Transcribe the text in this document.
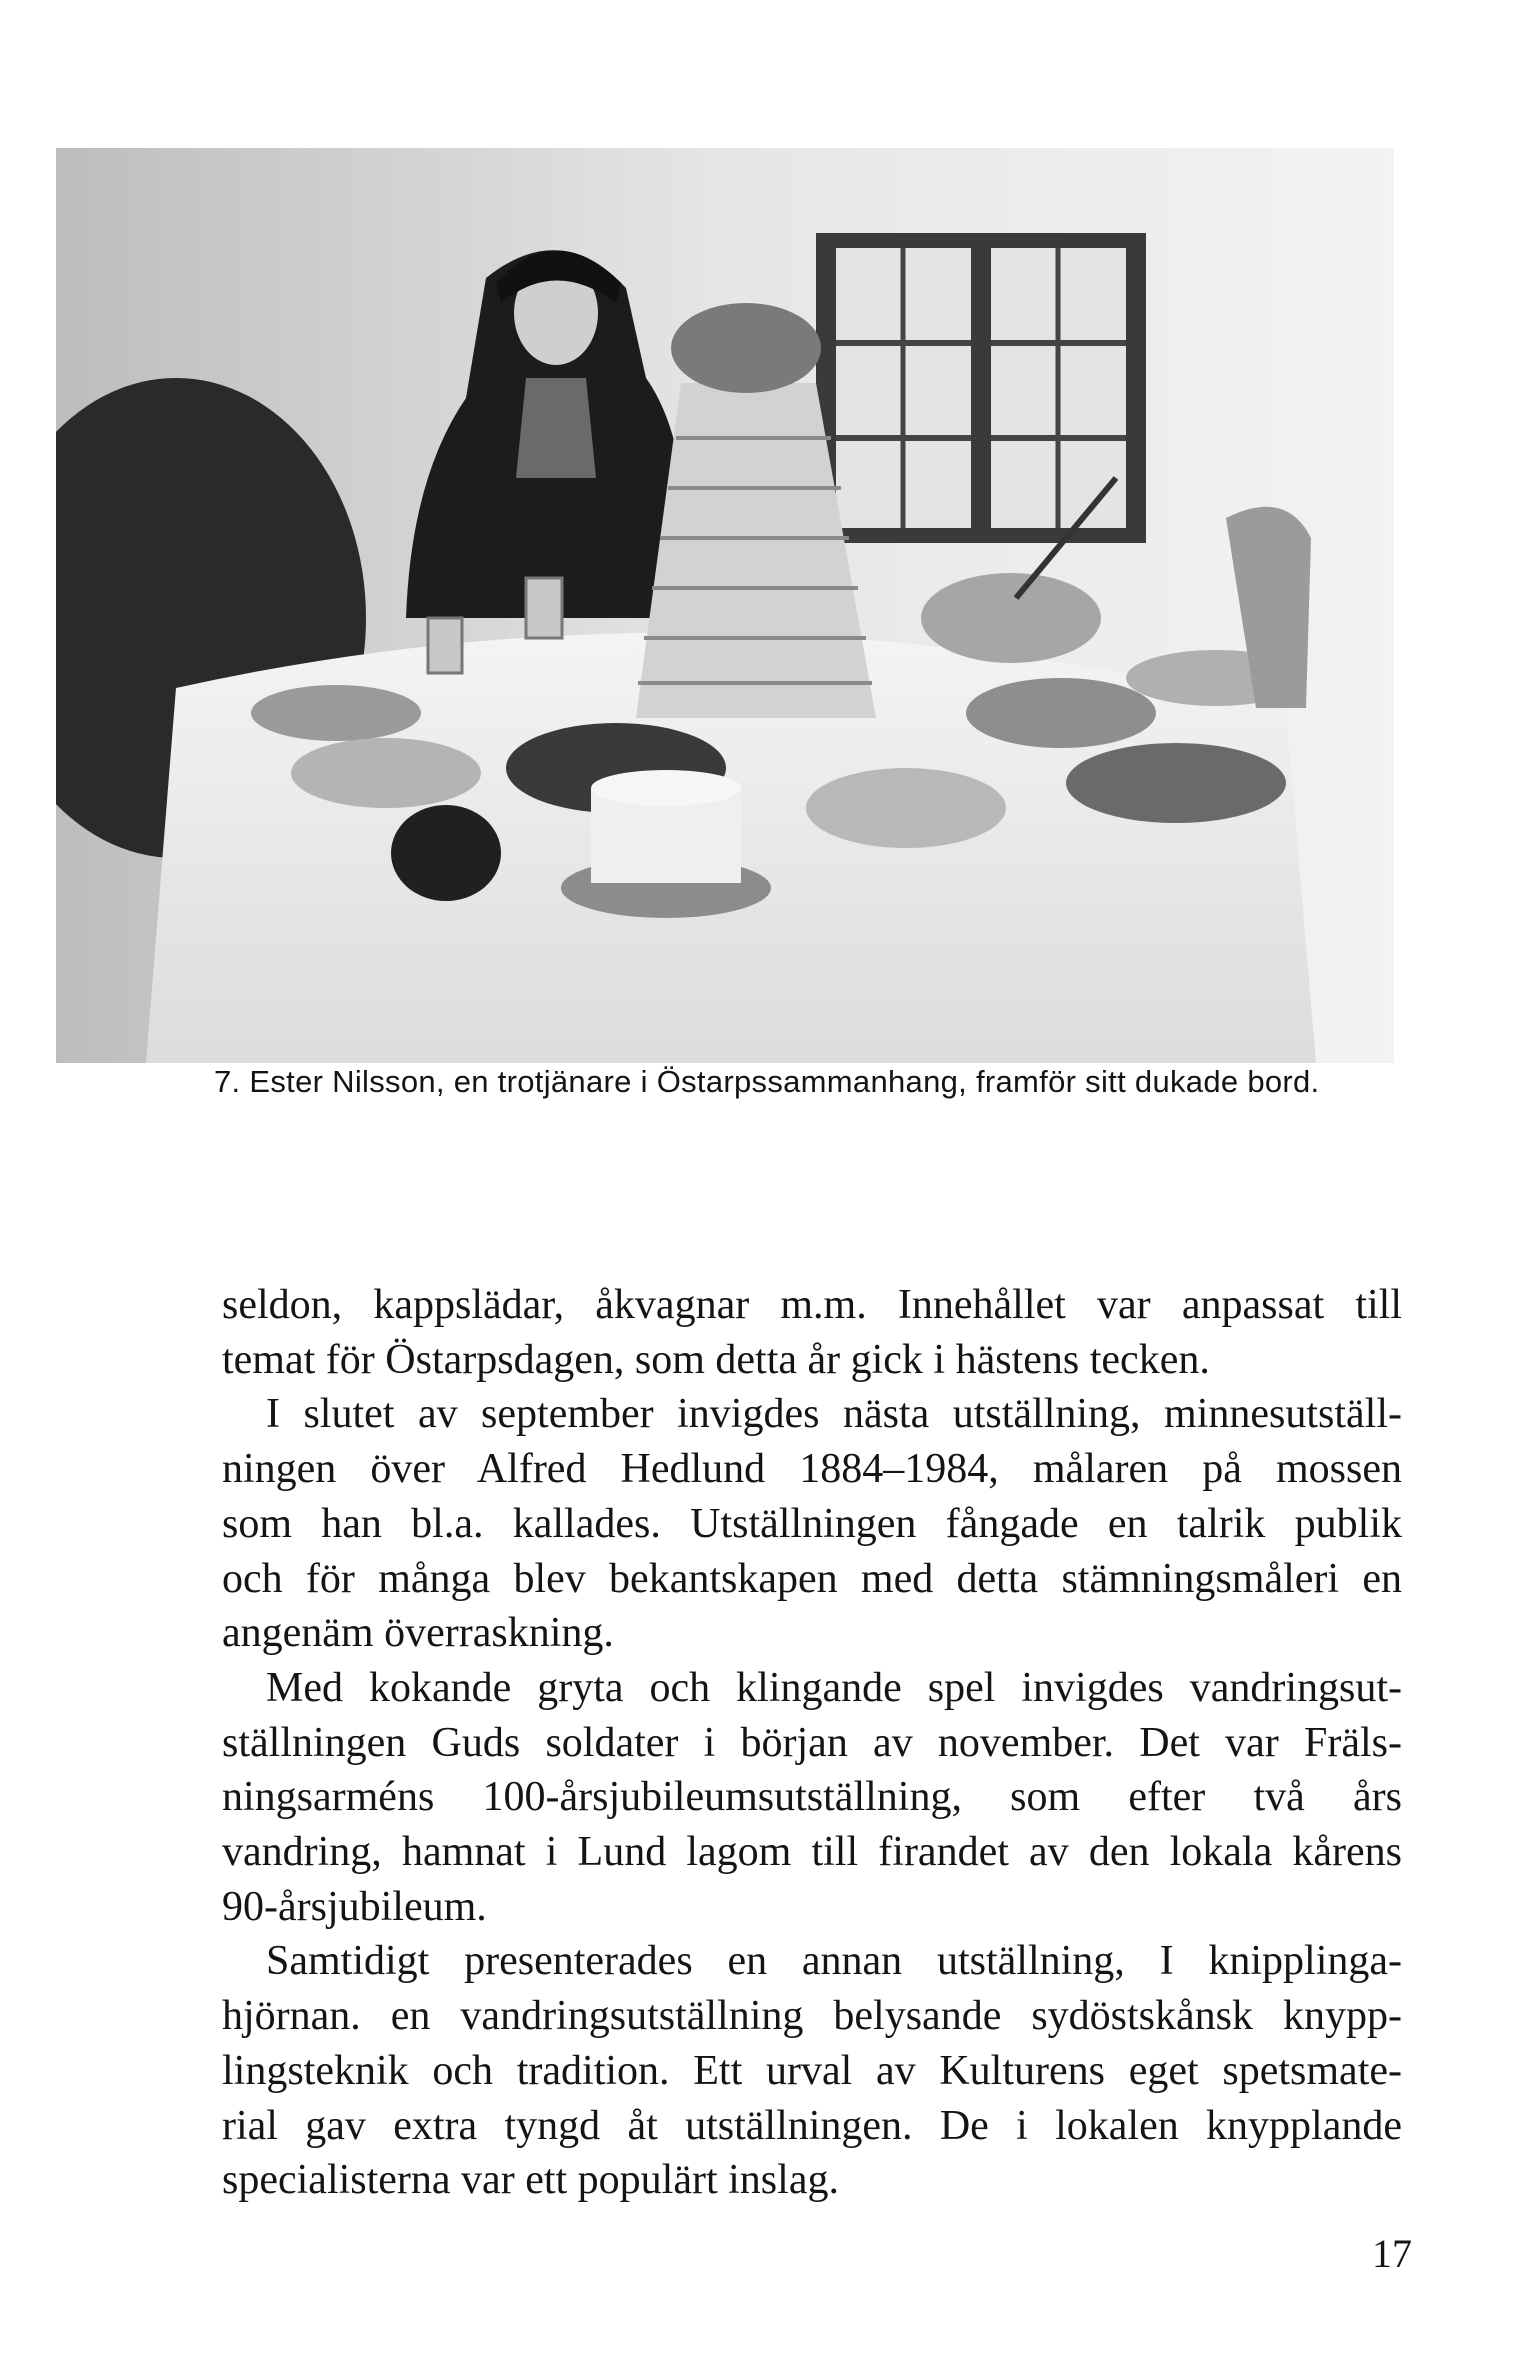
7. Ester Nilsson, en trotjänare i Östarpssammanhang, framför sitt dukade bord.

seldon, kappslädar, åkvagnar m.m. Innehållet var anpassat till
temat för Östarpsdagen, som detta år gick i hästens tecken.

I slutet av september invigdes nästa utställning, minnesutställ-
ningen över Alfred Hedlund 1884–1984, målaren på mossen
som han bl.a. kallades. Utställningen fångade en talrik publik
och för många blev bekantskapen med detta stämningsmåleri en
angenäm överraskning.

Med kokande gryta och klingande spel invigdes vandringsut-
ställningen Guds soldater i början av november. Det var Fräls-
ningsarméns 100-årsjubileumsutställning, som efter två års
vandring, hamnat i Lund lagom till firandet av den lokala kårens
90-årsjubileum.

Samtidigt presenterades en annan utställning, I knipplinga-
hjörnan. en vandringsutställning belysande sydöstskånsk knypp-
lingsteknik och tradition. Ett urval av Kulturens eget spetsmate-
rial gav extra tyngd åt utställningen. De i lokalen knypplande
specialisterna var ett populärt inslag.

17
